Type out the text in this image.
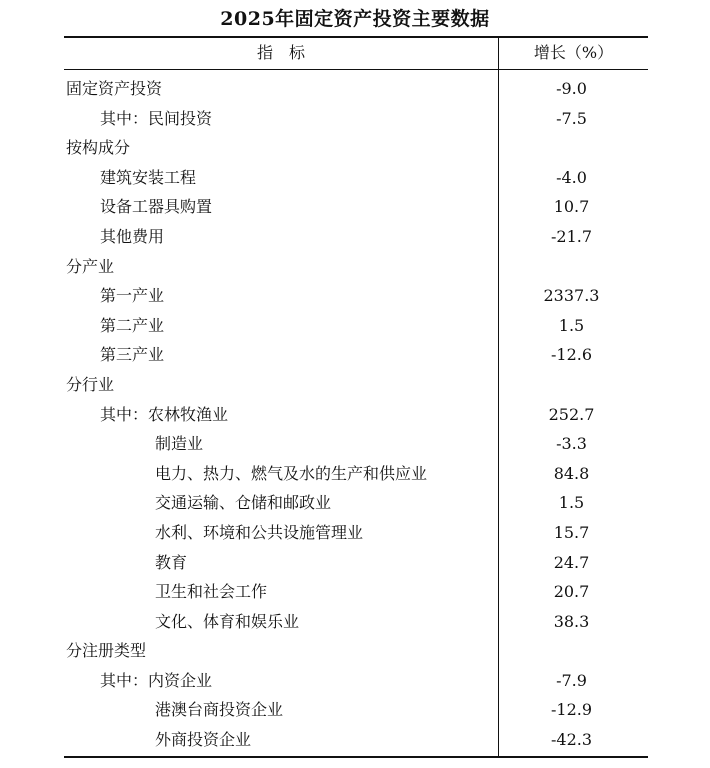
2025年固定资产投资主要数据
指　标	增长（%）
固定资产投资	-9.0
其中：民间投资	-7.5
按构成分
建筑安装工程	-4.0
设备工器具购置	10.7
其他费用	-21.7
分产业
第一产业	2337.3
第二产业	1.5
第三产业	-12.6
分行业
其中：农林牧渔业	252.7
制造业	-3.3
电力、热力、燃气及水的生产和供应业	84.8
交通运输、仓储和邮政业	1.5
水利、环境和公共设施管理业	15.7
教育	24.7
卫生和社会工作	20.7
文化、体育和娱乐业	38.3
分注册类型
其中：内资企业	-7.9
港澳台商投资企业	-12.9
外商投资企业	-42.3
